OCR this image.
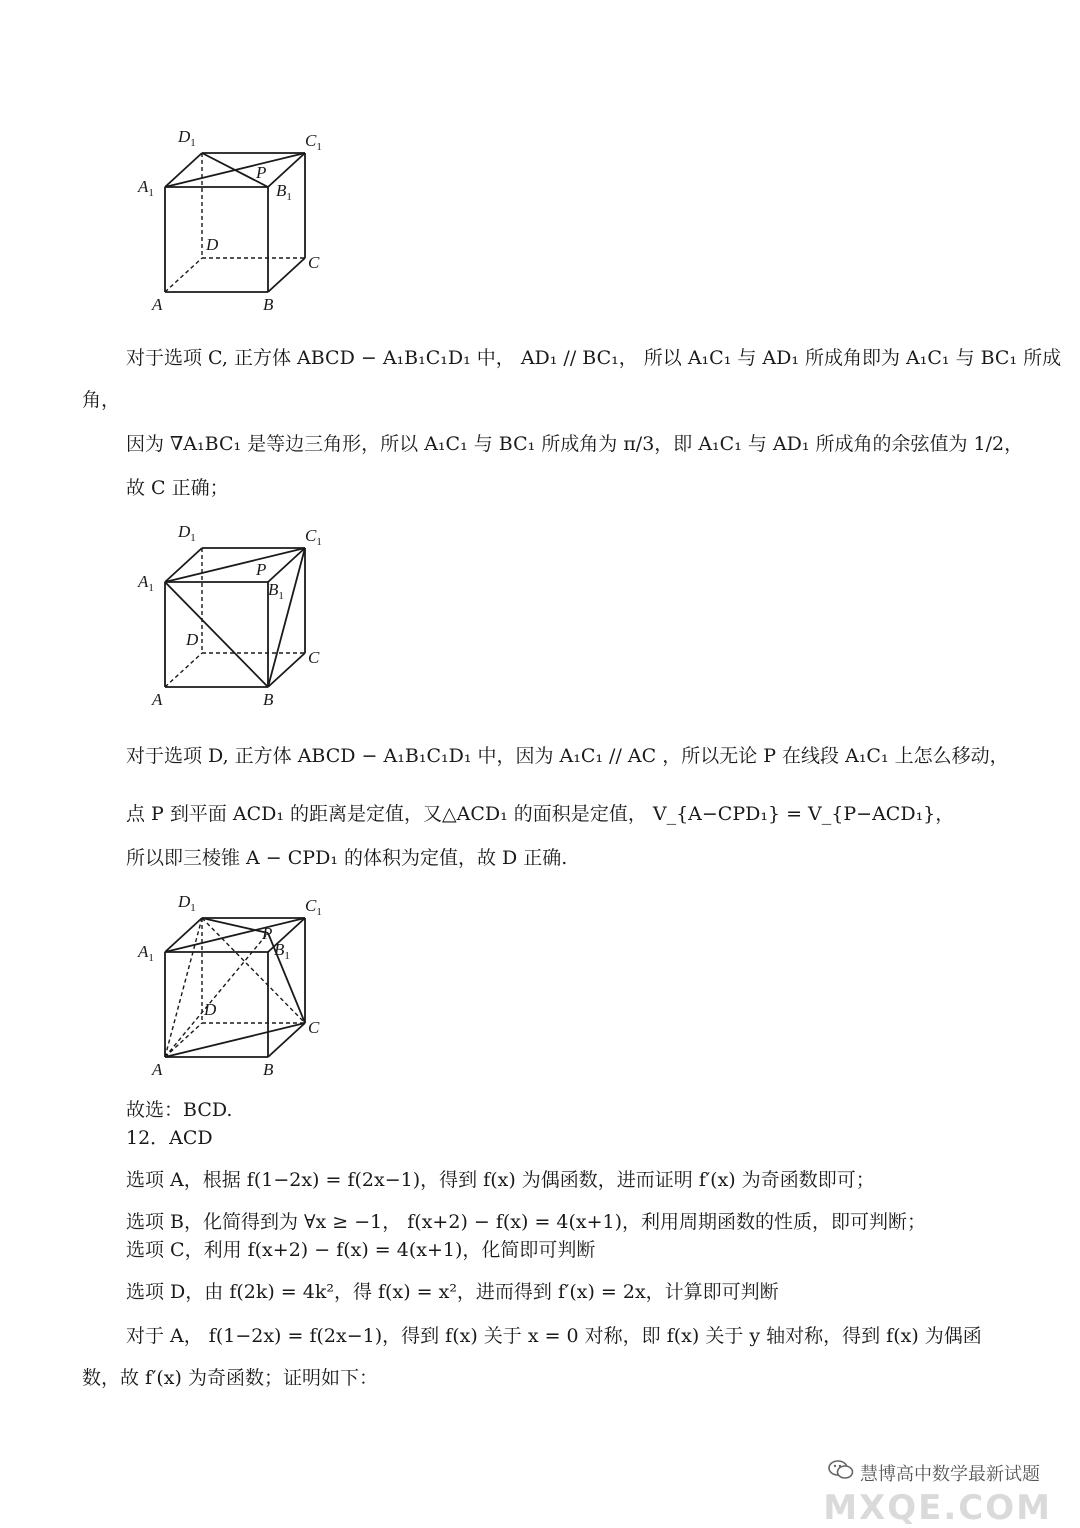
A	B
C
D
$A_1$	$B_1$
$C_1$
$D_1$
P
对于选项 C, 正方体 ABCD − A₁B₁C₁D₁ 中， AD₁ // BC₁， 所以 A₁C₁ 与 AD₁ 所成角即为 A₁C₁ 与 BC₁ 所成
角，
因为 ∇A₁BC₁ 是等边三角形，所以 A₁C₁ 与 BC₁ 所成角为 π/3，即 A₁C₁ 与 AD₁ 所成角的余弦值为 1/2，
故 C 正确；
A	B
C
D
$A_1$	$B_1$
$C_1$
$D_1$
P
对于选项 D, 正方体 ABCD − A₁B₁C₁D₁ 中，因为 A₁C₁ // AC ，所以无论 P 在线段 A₁C₁ 上怎么移动，
点 P 到平面 ACD₁ 的距离是定值，又△ACD₁ 的面积是定值， V_{A−CPD₁} = V_{P−ACD₁}，
所以即三棱锥 A − CPD₁ 的体积为定值，故 D 正确.
A	B
C
D
$A_1$	$B_1$
$C_1$
$D_1$
P
故选：BCD.
12．ACD
选项 A，根据 f(1−2x) = f(2x−1)，得到 f(x) 为偶函数，进而证明 f′(x) 为奇函数即可；
选项 B，化简得到为 ∀x ≥ −1， f(x+2) − f(x) = 4(x+1)，利用周期函数的性质，即可判断；
选项 C，利用 f(x+2) − f(x) = 4(x+1)，化简即可判断
选项 D，由 f(2k) = 4k²，得 f(x) = x²，进而得到 f′(x) = 2x，计算即可判断
对于 A， f(1−2x) = f(2x−1)，得到 f(x) 关于 x = 0 对称，即 f(x) 关于 y 轴对称，得到 f(x) 为偶函
数，故 f′(x) 为奇函数；证明如下：
MXQE.COM
慧博高中数学最新试题
